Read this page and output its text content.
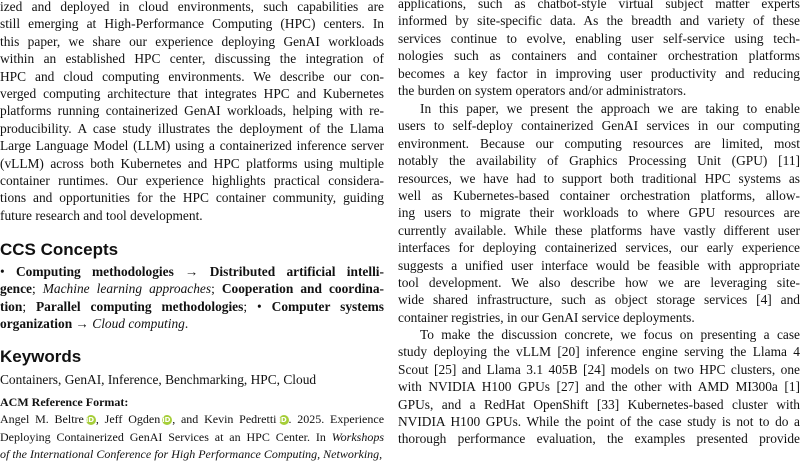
ized and deployed in cloud environments, such capabilities are
still emerging at High-Performance Computing (HPC) centers. In
this paper, we share our experience deploying GenAI workloads
within an established HPC center, discussing the integration of
HPC and cloud computing environments. We describe our con-
verged computing architecture that integrates HPC and Kubernetes
platforms running containerized GenAI workloads, helping with re-
producibility. A case study illustrates the deployment of the Llama
Large Language Model (LLM) using a containerized inference server
(vLLM) across both Kubernetes and HPC platforms using multiple
container runtimes. Our experience highlights practical considera-
tions and opportunities for the HPC container community, guiding
future research and tool development.
CCS Concepts
• Computing methodologies → Distributed artificial intelli-
gence; Machine learning approaches; Cooperation and coordina-
tion; Parallel computing methodologies; • Computer systems
organization → Cloud computing.
Keywords
Containers, GenAI, Inference, Benchmarking, HPC, Cloud
ACM Reference Format:
Angel M. Beltre iD , Jeff Ogden iD , and Kevin Pedretti iD . 2025. Experience
Deploying Containerized GenAI Services at an HPC Center. In Workshops
of the International Conference for High Performance Computing, Networking,
applications, such as chatbot-style virtual subject matter experts
informed by site-specific data. As the breadth and variety of these
services continue to evolve, enabling user self-service using tech-
nologies such as containers and container orchestration platforms
becomes a key factor in improving user productivity and reducing
the burden on system operators and/or administrators.
In this paper, we present the approach we are taking to enable
users to self-deploy containerized GenAI services in our computing
environment. Because our computing resources are limited, most
notably the availability of Graphics Processing Unit (GPU) [11]
resources, we have had to support both traditional HPC systems as
well as Kubernetes-based container orchestration platforms, allow-
ing users to migrate their workloads to where GPU resources are
currently available. While these platforms have vastly different user
interfaces for deploying containerized services, our early experience
suggests a unified user interface would be feasible with appropriate
tool development. We also describe how we are leveraging site-
wide shared infrastructure, such as object storage services [4] and
container registries, in our GenAI service deployments.
To make the discussion concrete, we focus on presenting a case
study deploying the vLLM [20] inference engine serving the Llama 4
Scout [25] and Llama 3.1 405B [24] models on two HPC clusters, one
with NVIDIA H100 GPUs [27] and the other with AMD MI300a [1]
GPUs, and a RedHat OpenShift [33] Kubernetes-based cluster with
NVIDIA H100 GPUs. While the point of the case study is not to do a
thorough performance evaluation, the examples presented provide
